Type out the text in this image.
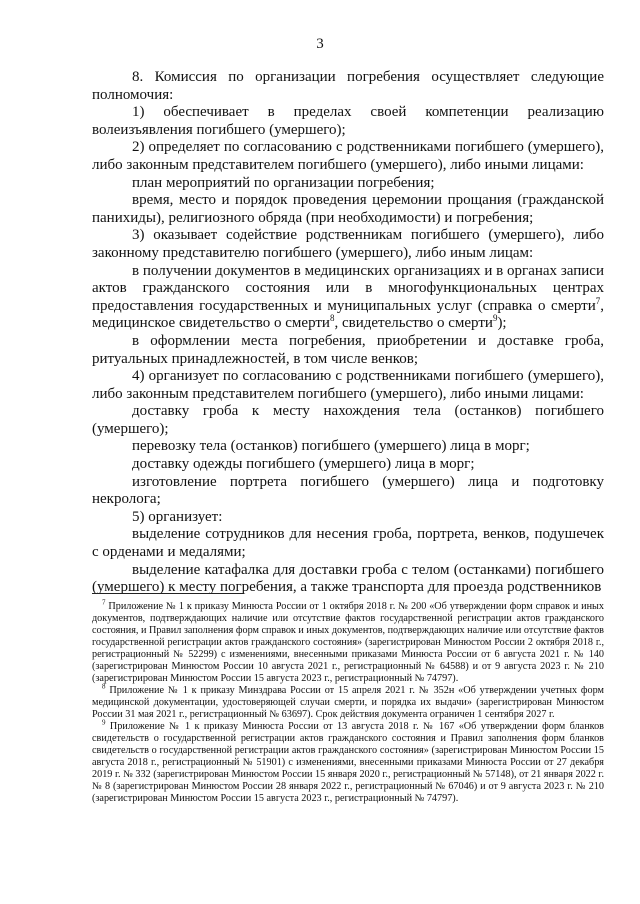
3

8. Комиссия по организации погребения осуществляет следующие полномочия:

1) обеспечивает в пределах своей компетенции реализацию волеизъявления погибшего (умершего);

2) определяет по согласованию с родственниками погибшего (умершего), либо законным представителем погибшего (умершего), либо иными лицами:

план мероприятий по организации погребения;

время, место и порядок проведения церемонии прощания (гражданской панихиды), религиозного обряда (при необходимости) и погребения;

3) оказывает содействие родственникам погибшего (умершего), либо законному представителю погибшего (умершего), либо иным лицам:

в получении документов в медицинских организациях и в органах записи актов гражданского состояния или в многофункциональных центрах предоставления государственных и муниципальных услуг (справка о смерти$^7$, медицинское свидетельство о смерти$^8$, свидетельство о смерти$^9$);

в оформлении места погребения, приобретении и доставке гроба, ритуальных принадлежностей, в том числе венков;

4) организует по согласованию с родственниками погибшего (умершего), либо законным представителем погибшего (умершего), либо иными лицами:

доставку гроба к месту нахождения тела (останков) погибшего (умершего);

перевозку тела (останков) погибшего (умершего) лица в морг;

доставку одежды погибшего (умершего) лица в морг;

изготовление портрета погибшего (умершего) лица и подготовку некролога;

5) организует:

выделение сотрудников для несения гроба, портрета, венков, подушечек с орденами и медалями;

выделение катафалка для доставки гроба с телом (останками) погибшего (умершего) к месту погребения, а также транспорта для проезда родственников

$^7$ Приложение № 1 к приказу Минюста России от 1 октября 2018 г. № 200 «Об утверждении форм справок и иных документов, подтверждающих наличие или отсутствие фактов государственной регистрации актов гражданского состояния, и Правил заполнения форм справок и иных документов, подтверждающих наличие или отсутствие фактов государственной регистрации актов гражданского состояния» (зарегистрирован Минюстом России 2 октября 2018 г., регистрационный № 52299) с изменениями, внесенными приказами Минюста России от 6 августа 2021 г. № 140 (зарегистрирован Минюстом России 10 августа 2021 г., регистрационный № 64588) и от 9 августа 2023 г. № 210 (зарегистрирован Минюстом России 15 августа 2023 г., регистрационный № 74797).

$^8$ Приложение № 1 к приказу Минздрава России от 15 апреля 2021 г. № 352н «Об утверждении учетных форм медицинской документации, удостоверяющей случаи смерти, и порядка их выдачи» (зарегистрирован Минюстом России 31 мая 2021 г., регистрационный № 63697). Срок действия документа ограничен 1 сентября 2027 г.

$^9$ Приложение № 1 к приказу Минюста России от 13 августа 2018 г. № 167 «Об утверждении форм бланков свидетельств о государственной регистрации актов гражданского состояния и Правил заполнения форм бланков свидетельств о государственной регистрации актов гражданского состояния» (зарегистрирован Минюстом России 15 августа 2018 г., регистрационный № 51901) с изменениями, внесенными приказами Минюста России от 27 декабря 2019 г. № 332 (зарегистрирован Минюстом России 15 января 2020 г., регистрационный № 57148), от 21 января 2022 г. № 8 (зарегистрирован Минюстом России 28 января 2022 г., регистрационный № 67046) и от 9 августа 2023 г. № 210 (зарегистрирован Минюстом России 15 августа 2023 г., регистрационный № 74797).
